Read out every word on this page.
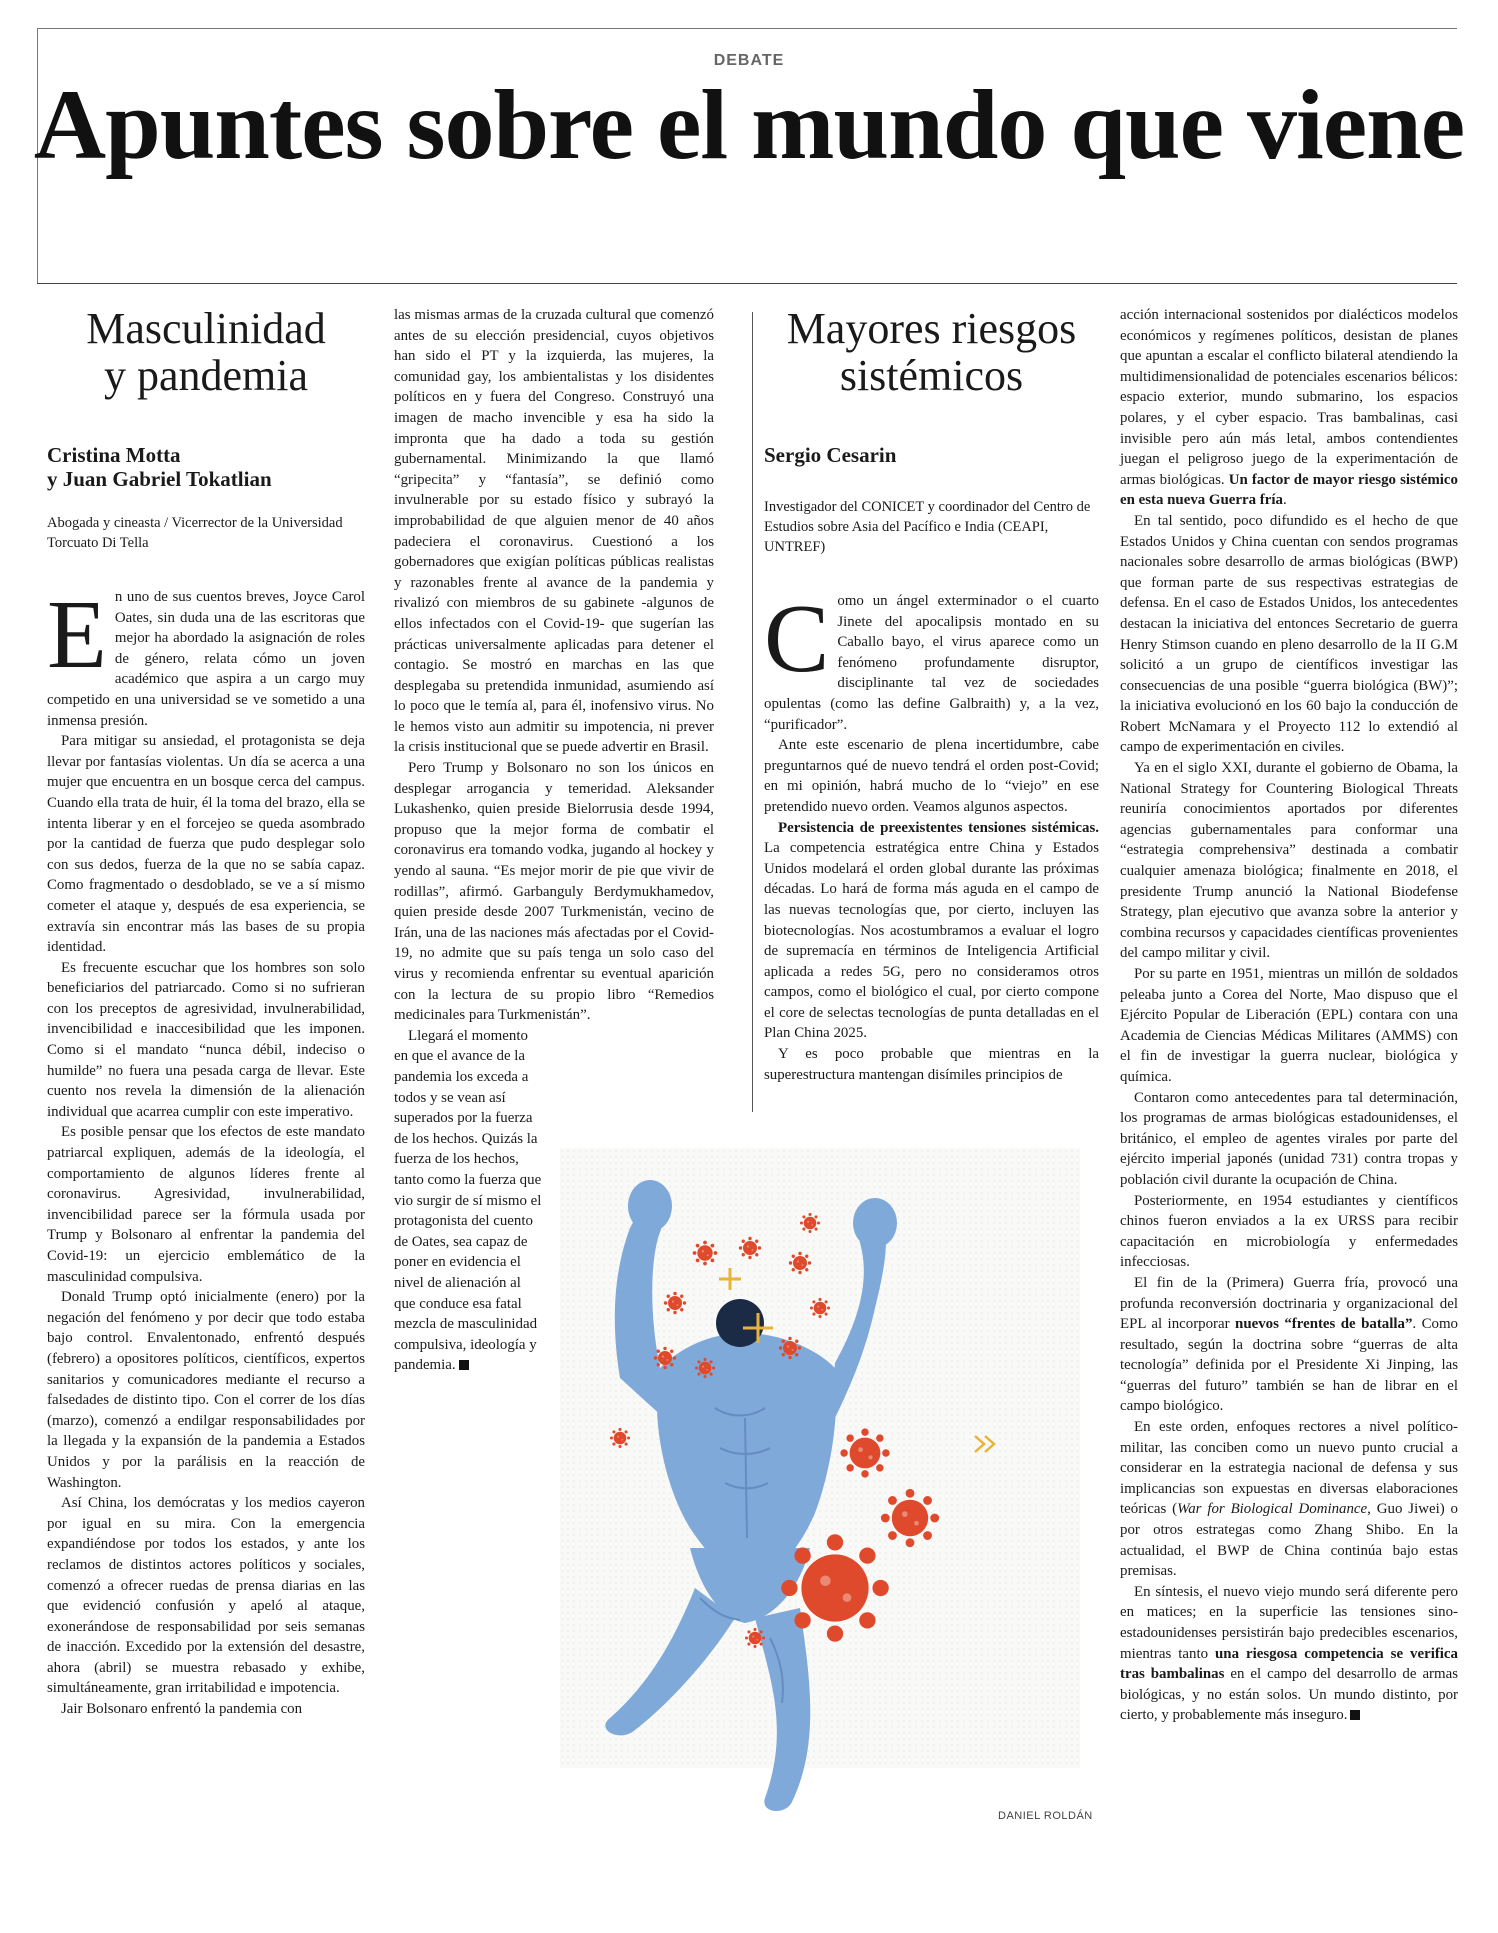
DEBATE
Apuntes sobre el mundo que viene
Masculinidad
y pandemia
Cristina Motta
y Juan Gabriel Tokatlian
Abogada y cineasta / Vicerrector de la Universidad Torcuato Di Tella

En uno de sus cuentos breves, Joyce Carol Oates, sin duda una de las escritoras que mejor ha abordado la asignación de roles de género, relata cómo un joven académico que aspira a un cargo muy competido en una universidad se ve sometido a una inmensa presión.

Para mitigar su ansiedad, el protagonista se deja llevar por fantasías violentas. Un día se acerca a una mujer que encuentra en un bosque cerca del campus. Cuando ella trata de huir, él la toma del brazo, ella se intenta liberar y en el forcejeo se queda asombrado por la cantidad de fuerza que pudo desplegar solo con sus dedos, fuerza de la que no se sabía capaz. Como fragmentado o desdoblado, se ve a sí mismo cometer el ataque y, después de esa experiencia, se extravía sin encontrar más las bases de su propia identidad.

Es frecuente escuchar que los hombres son solo beneficiarios del patriarcado. Como si no sufrieran con los preceptos de agresividad, invulnerabilidad, invencibilidad e inaccesibilidad que les imponen. Como si el mandato “nunca débil, indeciso o humilde” no fuera una pesada carga de llevar. Este cuento nos revela la dimensión de la alienación individual que acarrea cumplir con este imperativo.

Es posible pensar que los efectos de este mandato patriarcal expliquen, además de la ideología, el comportamiento de algunos líderes frente al coronavirus. Agresividad, invulnerabilidad, invencibilidad parece ser la fórmula usada por Trump y Bolsonaro al enfrentar la pandemia del Covid-19: un ejercicio emblemático de la masculinidad compulsiva.

Donald Trump optó inicialmente (enero) por la negación del fenómeno y por decir que todo estaba bajo control. Envalentonado, enfrentó después (febrero) a opositores políticos, científicos, expertos sanitarios y comunicadores mediante el recurso a falsedades de distinto tipo. Con el correr de los días (marzo), comenzó a endilgar responsabilidades por la llegada y la expansión de la pandemia a Estados Unidos y por la parálisis en la reacción de Washington.

Así China, los demócratas y los medios cayeron por igual en su mira. Con la emergencia expandiéndose por todos los estados, y ante los reclamos de distintos actores políticos y sociales, comenzó a ofrecer ruedas de prensa diarias en las que evidenció confusión y apeló al ataque, exonerándose de responsabilidad por seis semanas de inacción. Excedido por la extensión del desastre, ahora (abril) se muestra rebasado y exhibe, simultáneamente, gran irritabilidad e impotencia.

Jair Bolsonaro enfrentó la pandemia con

las mismas armas de la cruzada cultural que comenzó antes de su elección presidencial, cuyos objetivos han sido el PT y la izquierda, las mujeres, la comunidad gay, los ambientalistas y los disidentes políticos en y fuera del Congreso. Construyó una imagen de macho invencible y esa ha sido la impronta que ha dado a toda su gestión gubernamental. Minimizando la que llamó “gripecita” y “fantasía”, se definió como invulnerable por su estado físico y subrayó la improbabilidad de que alguien menor de 40 años padeciera el coronavirus. Cuestionó a los gobernadores que exigían políticas públicas realistas y razonables frente al avance de la pandemia y rivalizó con miembros de su gabinete -algunos de ellos infectados con el Covid-19- que sugerían las prácticas universalmente aplicadas para detener el contagio. Se mostró en marchas en las que desplegaba su pretendida inmunidad, asumiendo así lo poco que le temía al, para él, inofensivo virus. No le hemos visto aun admitir su impotencia, ni prever la crisis institucional que se puede advertir en Brasil.

Pero Trump y Bolsonaro no son los únicos en desplegar arrogancia y temeridad. Aleksander Lukashenko, quien preside Bielorrusia desde 1994, propuso que la mejor forma de combatir el coronavirus era tomando vodka, jugando al hockey y yendo al sauna. “Es mejor morir de pie que vivir de rodillas”, afirmó. Garbanguly Berdymukhamedov, quien preside desde 2007 Turkmenistán, vecino de Irán, una de las naciones más afectadas por el Covid-19, no admite que su país tenga un solo caso del virus y recomienda enfrentar su eventual aparición con la lectura de su propio libro “Remedios medicinales para Turkmenistán”.

Llegará el momento en que el avance de la pandemia los exceda a todos y se vean así superados por la fuerza de los hechos. Quizás la fuerza de los hechos, tanto como la fuerza que vio surgir de sí mismo el protagonista del cuento de Oates, sea capaz de poner en evidencia el nivel de alienación al que conduce esa fatal mezcla de masculinidad compulsiva, ideología y pandemia.

Mayores riesgos
sistémicos
Sergio Cesarin
Investigador del CONICET y coordinador del Centro de Estudios sobre Asia del Pacífico e India (CEAPI, UNTREF)

Como un ángel exterminador o el cuarto Jinete del apocalipsis montado en su Caballo bayo, el virus aparece como un fenómeno profundamente disruptor, disciplinante tal vez de sociedades opulentas (como las define Galbraith) y, a la vez, “purificador”.

Ante este escenario de plena incertidumbre, cabe preguntarnos qué de nuevo tendrá el orden post-Covid; en mi opinión, habrá mucho de lo “viejo” en ese pretendido nuevo orden. Veamos algunos aspectos.

Persistencia de preexistentes tensiones sistémicas. La competencia estratégica entre China y Estados Unidos modelará el orden global durante las próximas décadas. Lo hará de forma más aguda en el campo de las nuevas tecnologías que, por cierto, incluyen las biotecnologías. Nos acostumbramos a evaluar el logro de supremacía en términos de Inteligencia Artificial aplicada a redes 5G, pero no consideramos otros campos, como el biológico el cual, por cierto compone el core de selectas tecnologías de punta detalladas en el Plan China 2025.

Y es poco probable que mientras en la superestructura mantengan disímiles principios de

acción internacional sostenidos por dialécticos modelos económicos y regímenes políticos, desistan de planes que apuntan a escalar el conflicto bilateral atendiendo la multidimensionalidad de potenciales escenarios bélicos: espacio exterior, mundo submarino, los espacios polares, y el cyber espacio. Tras bambalinas, casi invisible pero aún más letal, ambos contendientes juegan el peligroso juego de la experimentación de armas biológicas. Un factor de mayor riesgo sistémico en esta nueva Guerra fría.

En tal sentido, poco difundido es el hecho de que Estados Unidos y China cuentan con sendos programas nacionales sobre desarrollo de armas biológicas (BWP) que forman parte de sus respectivas estrategias de defensa. En el caso de Estados Unidos, los antecedentes destacan la iniciativa del entonces Secretario de guerra Henry Stimson cuando en pleno desarrollo de la II G.M solicitó a un grupo de científicos investigar las consecuencias de una posible “guerra biológica (BW)”; la iniciativa evolucionó en los 60 bajo la conducción de Robert McNamara y el Proyecto 112 lo extendió al campo de experimentación en civiles.

Ya en el siglo XXI, durante el gobierno de Obama, la National Strategy for Countering Biological Threats reuniría conocimientos aportados por diferentes agencias gubernamentales para conformar una “estrategia comprehensiva” destinada a combatir cualquier amenaza biológica; finalmente en 2018, el presidente Trump anunció la National Biodefense Strategy, plan ejecutivo que avanza sobre la anterior y combina recursos y capacidades científicas provenientes del campo militar y civil.

Por su parte en 1951, mientras un millón de soldados peleaba junto a Corea del Norte, Mao dispuso que el Ejército Popular de Liberación (EPL) contara con una Academia de Ciencias Médicas Militares (AMMS) con el fin de investigar la guerra nuclear, biológica y química.

Contaron como antecedentes para tal determinación, los programas de armas biológicas estadounidenses, el británico, el empleo de agentes virales por parte del ejército imperial japonés (unidad 731) contra tropas y población civil durante la ocupación de China.

Posteriormente, en 1954 estudiantes y científicos chinos fueron enviados a la ex URSS para recibir capacitación en microbiología y enfermedades infecciosas.

El fin de la (Primera) Guerra fría, provocó una profunda reconversión doctrinaria y organizacional del EPL al incorporar nuevos “frentes de batalla”. Como resultado, según la doctrina sobre “guerras de alta tecnología” definida por el Presidente Xi Jinping, las “guerras del futuro” también se han de librar en el campo biológico.

En este orden, enfoques rectores a nivel político-militar, las conciben como un nuevo punto crucial a considerar en la estrategia nacional de defensa y sus implicancias son expuestas en diversas elaboraciones teóricas (War for Biological Dominance, Guo Jiwei) o por otros estrategas como Zhang Shibo. En la actualidad, el BWP de China continúa bajo estas premisas.

En síntesis, el nuevo viejo mundo será diferente pero en matices; en la superficie las tensiones sino-estadounidenses persistirán bajo predecibles escenarios, mientras tanto una riesgosa competencia se verifica tras bambalinas en el campo del desarrollo de armas biológicas, y no están solos. Un mundo distinto, por cierto, y probablemente más inseguro.

DANIEL ROLDÁN
